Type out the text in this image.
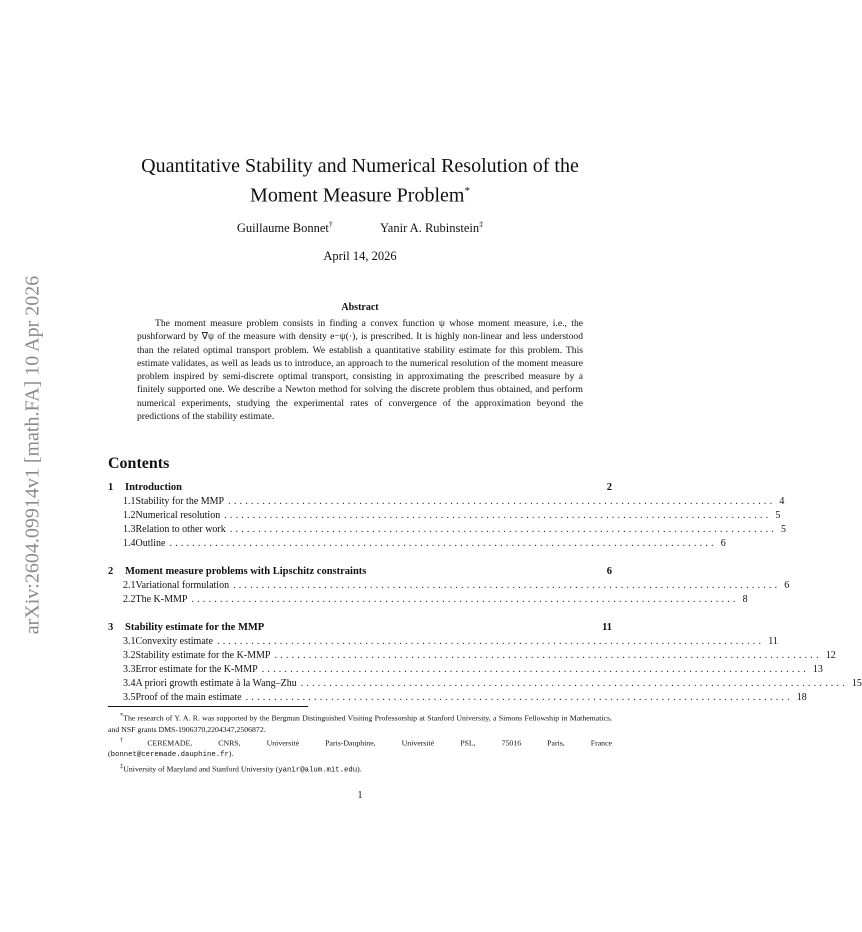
arXiv:2604.09914v1 [math.FA] 10 Apr 2026
Quantitative Stability and Numerical Resolution of the
Moment Measure Problem*
Guillaume Bonnet†	Yanir A. Rubinstein‡
April 14, 2026
Abstract
The moment measure problem consists in finding a convex function ψ whose moment measure, i.e., the pushforward by ∇ψ of the measure with density e−ψ(·), is prescribed. It is highly non-linear and less understood than the related optimal transport problem. We establish a quantitative stability estimate for this problem. This estimate validates, as well as leads us to introduce, an approach to the numerical resolution of the moment measure problem inspired by semi-discrete optimal transport, consisting in approximating the prescribed measure by a finitely supported one. We describe a Newton method for solving the discrete problem thus obtained, and perform numerical experiments, studying the experimental rates of convergence of the approximation beyond the predictions of the stability estimate.
Contents
1	Introduction	2
1.1 Stability for the MMP ................................................................................................ 4
1.2 Numerical resolution ................................................................................................ 5
1.3 Relation to other work ................................................................................................ 5
1.4 Outline ................................................................................................ 6
2	Moment measure problems with Lipschitz constraints	6
2.1 Variational formulation ................................................................................................ 6
2.2 The K-MMP ................................................................................................ 8
3	Stability estimate for the MMP	11
3.1 Convexity estimate ................................................................................................ 11
3.2 Stability estimate for the K-MMP ................................................................................................ 12
3.3 Error estimate for the K-MMP ................................................................................................ 13
3.4 A priori growth estimate à la Wang–Zhu ................................................................................................ 15
3.5 Proof of the main estimate ................................................................................................ 18

*The research of Y. A. R. was supported by the Bergman Distinguished Visiting Professorship at Stanford University, a Simons Fellowship in Mathematics, and NSF grants DMS-1906370,2204347,2506872.

†CEREMADE, CNRS, Université Paris-Dauphine, Université PSL, 75016 Paris, France

(bonnet@ceremade.dauphine.fr).

‡University of Maryland and Stanford University (yanir@alum.mit.edu).

1
